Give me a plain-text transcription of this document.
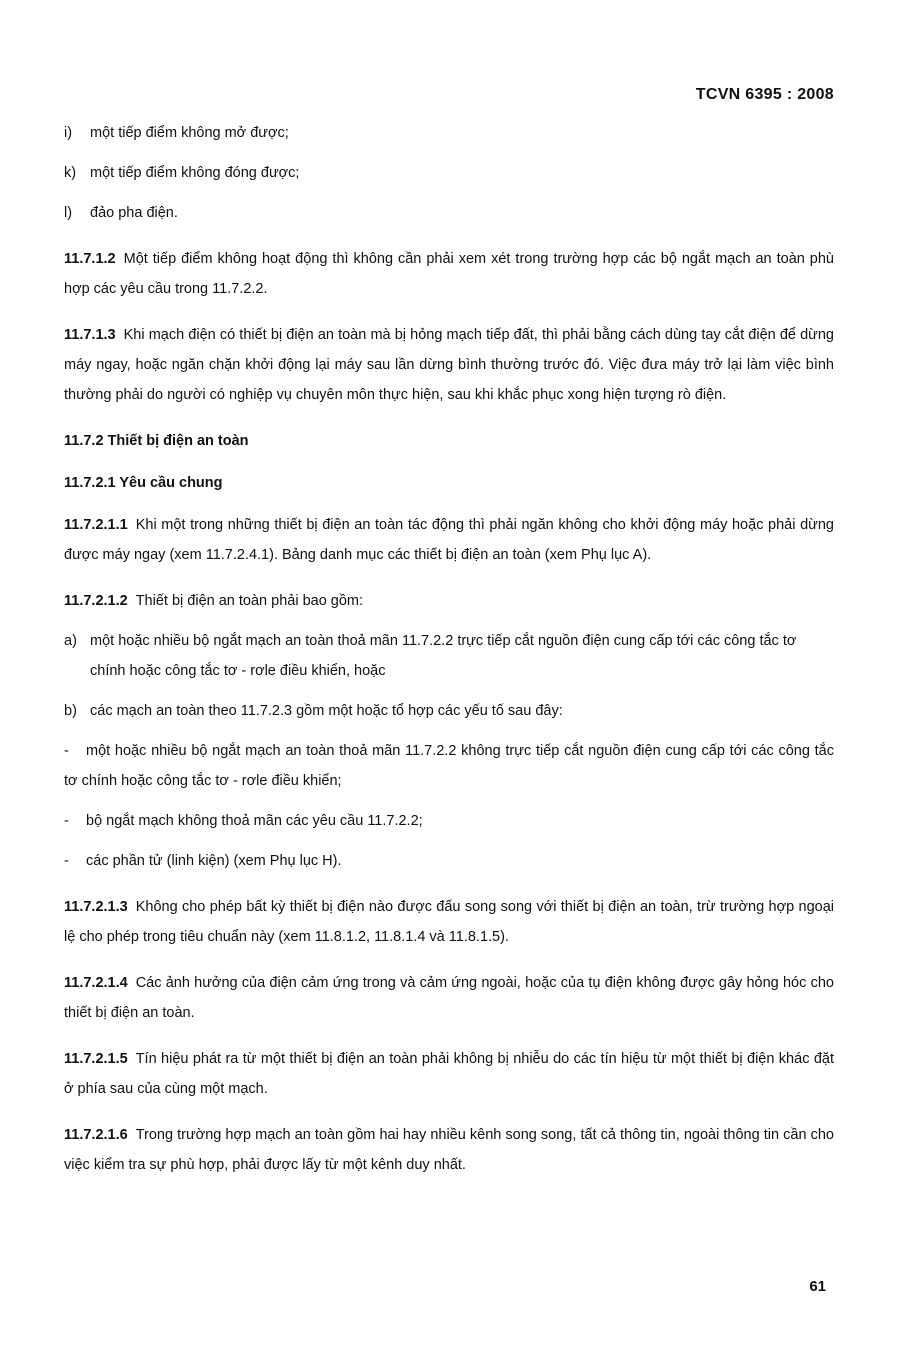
TCVN 6395 : 2008
i)	một tiếp điểm không mở được;
k) một tiếp điểm không đóng được;
l)	đảo pha điện.

11.7.1.2 Một tiếp điểm không hoạt động thì không cần phải xem xét trong trường hợp các bộ ngắt mạch an toàn phù hợp các yêu cầu trong 11.7.2.2.

11.7.1.3 Khi mạch điện có thiết bị điện an toàn mà bị hỏng mạch tiếp đất, thì phải bằng cách dùng tay cắt điện để dừng máy ngay, hoặc ngăn chặn khởi động lại máy sau lần dừng bình thường trước đó. Việc đưa máy trở lại làm việc bình thường phải do người có nghiệp vụ chuyên môn thực hiện, sau khi khắc phục xong hiện tượng rò điện.

11.7.2 Thiết bị điện an toàn
11.7.2.1 Yêu cầu chung

11.7.2.1.1 Khi một trong những thiết bị điện an toàn tác động thì phải ngăn không cho khởi động máy hoặc phải dừng được máy ngay (xem 11.7.2.4.1). Bảng danh mục các thiết bị điện an toàn (xem Phụ lục A).

11.7.2.1.2 Thiết bị điện an toàn phải bao gồm:

a) một hoặc nhiều bộ ngắt mạch an toàn thoả mãn 11.7.2.2 trực tiếp cắt nguồn điện cung cấp tới các công tắc tơ chính hoặc công tắc tơ - rơle điều khiển, hoặc
b) các mạch an toàn theo 11.7.2.3 gồm một hoặc tổ hợp các yếu tố sau đây:
- một hoặc nhiều bộ ngắt mạch an toàn thoả mãn 11.7.2.2 không trực tiếp cắt nguồn điện cung cấp tới các công tắc tơ chính hoặc công tắc tơ - rơle điều khiển;
- bộ ngắt mạch không thoả mãn các yêu cầu 11.7.2.2;
- các phần tử (linh kiện) (xem Phụ lục H).

11.7.2.1.3 Không cho phép bất kỳ thiết bị điện nào được đấu song song với thiết bị điện an toàn, trừ trường hợp ngoại lệ cho phép trong tiêu chuẩn này (xem 11.8.1.2, 11.8.1.4 và 11.8.1.5).

11.7.2.1.4 Các ảnh hưởng của điện cảm ứng trong và cảm ứng ngoài, hoặc của tụ điện không được gây hỏng hóc cho thiết bị điện an toàn.

11.7.2.1.5 Tín hiệu phát ra từ một thiết bị điện an toàn phải không bị nhiễu do các tín hiệu từ một thiết bị điện khác đặt ở phía sau của cùng một mạch.

11.7.2.1.6 Trong trường hợp mạch an toàn gồm hai hay nhiều kênh song song, tất cả thông tin, ngoài thông tin cần cho việc kiểm tra sự phù hợp, phải được lấy từ một kênh duy nhất.

61
